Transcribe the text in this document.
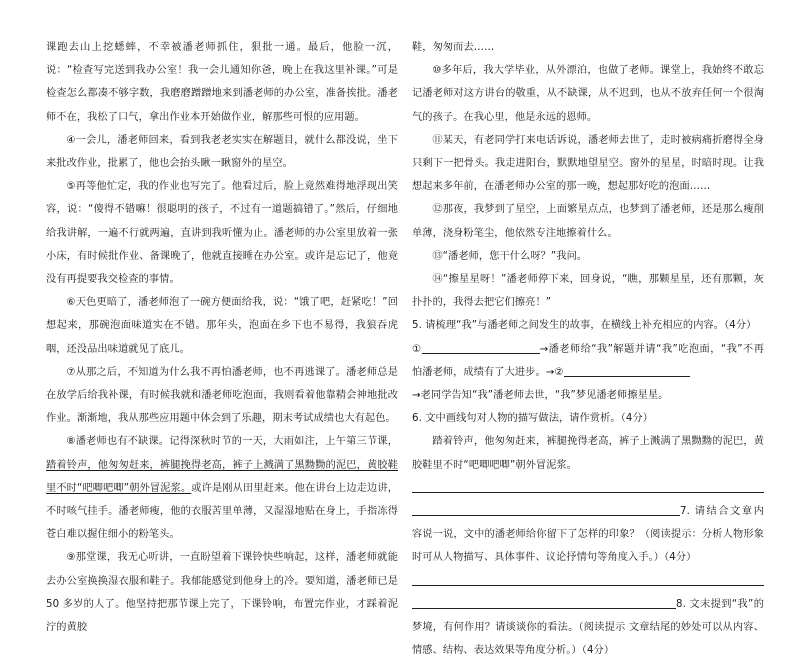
课跑去山上挖蟋蟀，不幸被潘老师抓住，狠批一通。最后，他脸一沉，说：“检查写完送到我办公室！我一会儿通知你爸，晚上在我这里补课。”可是检查怎么都凑不够字数，我磨磨蹭蹭地来到潘老师的办公室，准备挨批。潘老师不在，我松了口气，拿出作业本开始做作业，解那些可恨的应用题。

④一会儿，潘老师回来，看到我老老实实在解题目，就什么都没说，坐下来批改作业，批累了，他也会抬头瞅一瞅窗外的星空。

⑤再等他忙定，我的作业也写完了。他看过后，脸上竟然难得地浮现出笑容，说：“傻得不错嘛！很聪明的孩子，不过有一道题搞错了。”然后，仔细地给我讲解，一遍不行就两遍，直讲到我听懂为止。潘老师的办公室里放着一张小床，有时候批作业、备课晚了，他就直接睡在办公室。或许是忘记了，他竟没有再提要我交检查的事情。

⑥天色更暗了，潘老师泡了一碗方便面给我，说：“饿了吧，赶紧吃！”回想起来，那碗泡面味道实在不错。那年头，泡面在乡下也不易得，我狼吞虎咽，还没品出味道就见了底儿。

⑦从那之后，不知道为什么我不再怕潘老师，也不再逃课了。潘老师总是在放学后给我补课，有时候我就和潘老师吃泡面，我则看着他靠精会神地批改作业。渐渐地，我从那些应用题中体会到了乐趣，期末考试成绩也大有起色。

⑧潘老师也有不缺课。记得深秋时节的一天，大雨如注，上午第三节课，踏着铃声，他匆匆赶来，裤腿挽得老高，裤子上溅满了黑黝黝的泥巴，黄胶鞋里不时“吧唧吧唧”朝外冒泥浆。或许是刚从田里赶来。他在讲台上边走边讲，不时咳气挂手。潘老师瘦，他的衣服苦里单薄，又湿湿地贴在身上，手指冻得苍白难以握住细小的粉笔头。

⑨那堂课，我无心听讲，一直盼望着下课铃快些响起，这样，潘老师就能去办公室换换湿衣服和鞋子。我郁能感觉到他身上的冷。要知道，潘老师已是 50 多岁的人了。他坚持把那节课上完了，下课铃响，布置完作业，才踩着泥泞的黄胶

鞋，匆匆而去……

⑩多年后，我大学毕业，从外漂泊，也做了老师。课堂上，我始终不敢忘记潘老师对这方讲台的敬重，从不缺课，从不迟到，也从不放弃任何一个很淘气的孩子。在我心里，他是永远的恩师。

⑪某天，有老同学打来电话诉说，潘老师去世了，走时被病痛折磨得全身只剩下一把骨头。我走进阳台，默默地望星空。窗外的星星，时暗时现。让我想起来多年前，在潘老师办公室的那一晚，想起那好吃的泡面……

⑫那夜，我梦到了星空，上面繁星点点，也梦到了潘老师，还是那么瘦削单薄，浇身粉笔尘，他依然专注地擦着什么。

⑬“潘老师，您干什么呀？”我问。

⑭“擦星星呀！”潘老师停下来，回身说，“瞧，那颗星星，还有那颗，灰扑扑的，我得去把它们擦亮！”

5. 请梳理“我”与潘老师之间发生的故事，在横线上补充相应的内容。（4分）

①	→潘老师给“我”解题并请“我”吃泡面，“我”不再怕潘老师，成绩有了大进步。→②

→老同学告知“我”潘老师去世，“我”梦见潘老师擦星星。

6. 文中画线句对人物的描写做法，请作赏析。（4分）

踏着铃声，他匆匆赶来，裤腿挽得老高，裤子上溅满了黑黝黝的泥巴，黄胶鞋里不时“吧唧吧唧”朝外冒泥浆。

7. 请结合文章内容说一说，文中的潘老师给你留下了怎样的印象？（阅读提示：分析人物形象时可从人物描写、具体事件、议论抒情句等角度入手。）（4分）

8. 文末提到“我”的梦境，有何作用？请谈谈你的看法。（阅读提示 文章结尾的妙处可以从内容、情感、结构、表达效果等角度分析。）（4分）
